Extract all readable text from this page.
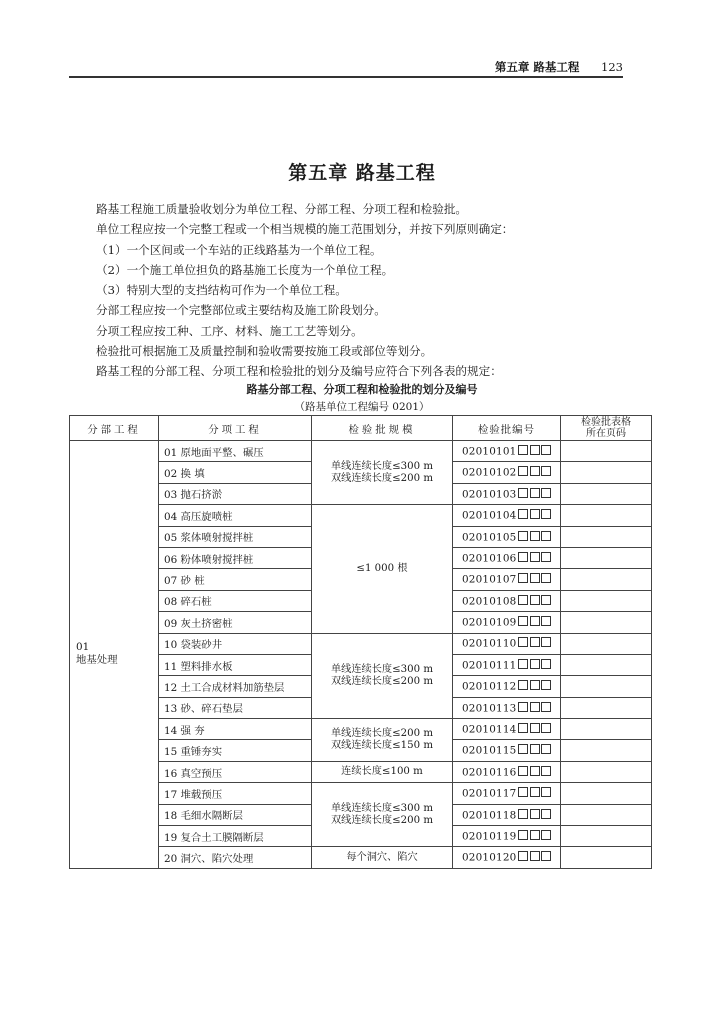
第五章 路基工程 123
第五章 路基工程

路基工程施工质量验收划分为单位工程、分部工程、分项工程和检验批。

单位工程应按一个完整工程或一个相当规模的施工范围划分，并按下列原则确定：

（1）一个区间或一个车站的正线路基为一个单位工程。

（2）一个施工单位担负的路基施工长度为一个单位工程。

（3）特别大型的支挡结构可作为一个单位工程。

分部工程应按一个完整部位或主要结构及施工阶段划分。

分项工程应按工种、工序、材料、施工工艺等划分。

检验批可根据施工及质量控制和验收需要按施工段或部位等划分。

路基工程的分部工程、分项工程和检验批的划分及编号应符合下列各表的规定：

路基分部工程、分项工程和检验批的划分及编号
（路基单位工程编号 0201）
分部工程	分项工程	检验批规模	检验批编号	检验批表格
所在页码
01
地基处理	01 原地面平整、碾压	单线连续长度≤300 m
双线连续长度≤200 m	02010101	
	02 换 填		02010102	
	03 抛石挤淤		02010103	
	04 高压旋喷桩	≤1 000 根	02010104	
	05 浆体喷射搅拌桩		02010105	
	06 粉体喷射搅拌桩		02010106	
	07 砂 桩		02010107	
	08 碎石桩		02010108	
	09 灰土挤密桩		02010109	
	10 袋装砂井	单线连续长度≤300 m
双线连续长度≤200 m	02010110	
	11 塑料排水板		02010111	
	12 土工合成材料加筋垫层		02010112	
	13 砂、碎石垫层		02010113	
	14 强 夯	单线连续长度≤200 m
双线连续长度≤150 m	02010114	
	15 重锤夯实		02010115	
	16 真空预压	连续长度≤100 m	02010116	
	17 堆载预压	单线连续长度≤300 m
双线连续长度≤200 m	02010117	
	18 毛细水隔断层		02010118	
	19 复合土工膜隔断层		02010119	
	20 洞穴、陷穴处理	每个洞穴、陷穴	02010120	
